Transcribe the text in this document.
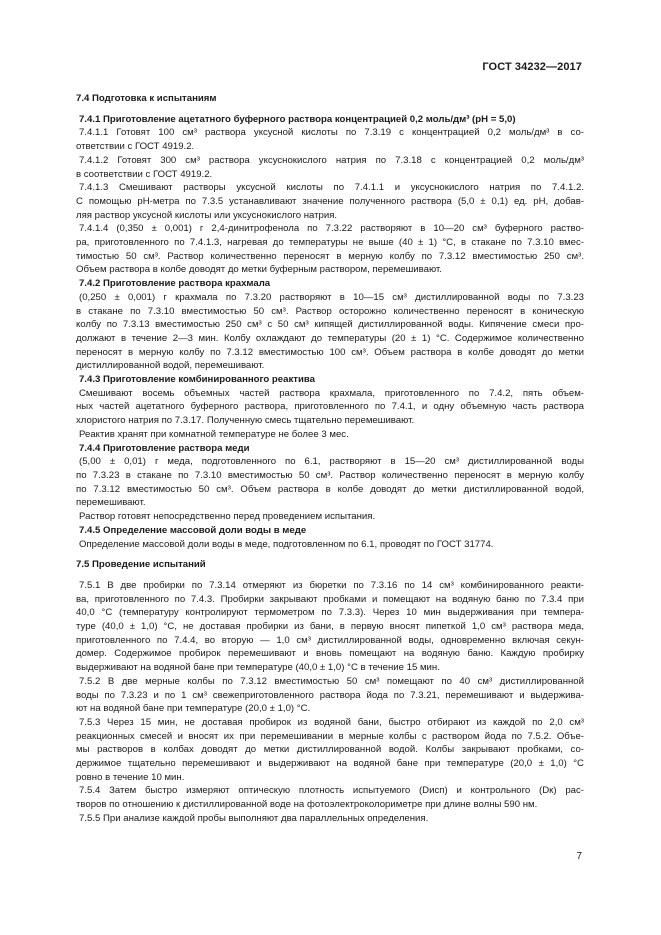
ГОСТ 34232—2017
7.4 Подготовка к испытаниям
7.4.1 Приготовление ацетатного буферного раствора концентрацией 0,2 моль/дм³ (pH = 5,0)
7.4.1.1 Готовят 100 см³ раствора уксусной кислоты по 7.3.19 с концентрацией 0,2 моль/дм³ в со-
ответствии с ГОСТ 4919.2.
7.4.1.2 Готовят 300 см³ раствора уксуснокислого натрия по 7.3.18 с концентрацией 0,2 моль/дм³
в соответствии с ГОСТ 4919.2.
7.4.1.3 Смешивают растворы уксусной кислоты по 7.4.1.1 и уксуснокислого натрия по 7.4.1.2.
С помощью pH-метра по 7.3.5 устанавливают значение полученного раствора (5,0 ± 0,1) ед. pH, добав-
ляя раствор уксусной кислоты или уксуснокислого натрия.
7.4.1.4 (0,350 ± 0,001) г 2,4-динитрофенола по 7.3.22 растворяют в 10—20 см³ буферного раство-
ра, приготовленного по 7.4.1.3, нагревая до температуры не выше (40 ± 1) °С, в стакане по 7.3.10 вмес-
тимостью 50 см³. Раствор количественно переносят в мерную колбу по 7.3.12 вместимостью 250 см³.
Объем раствора в колбе доводят до метки буферным раствором, перемешивают.
7.4.2 Приготовление раствора крахмала
(0,250 ± 0,001) г крахмала по 7.3.20 растворяют в 10—15 см³ дистиллированной воды по 7.3.23
в стакане по 7.3.10 вместимостью 50 см³. Раствор осторожно количественно переносят в коническую
колбу по 7.3.13 вместимостью 250 см³ с 50 см³ кипящей дистиллированной воды. Кипячение смеси про-
должают в течение 2—3 мин. Колбу охлаждают до температуры (20 ± 1) °С. Содержимое количественно
переносят в мерную колбу по 7.3.12 вместимостью 100 см³. Объем раствора в колбе доводят до метки
дистиллированной водой, перемешивают.
7.4.3 Приготовление комбинированного реактива
Смешивают восемь объемных частей раствора крахмала, приготовленного по 7.4.2, пять объем-
ных частей ацетатного буферного раствора, приготовленного по 7.4.1, и одну объемную часть раствора
хлористого натрия по 7.3.17. Полученную смесь тщательно перемешивают.
Реактив хранят при комнатной температуре не более 3 мес.
7.4.4 Приготовление раствора меди
(5,00 ± 0,01) г меда, подготовленного по 6.1, растворяют в 15—20 см³ дистиллированной воды
по 7.3.23 в стакане по 7.3.10 вместимостью 50 см³. Раствор количественно переносят в мерную колбу
по 7.3.12 вместимостью 50 см³. Объем раствора в колбе доводят до метки дистиллированной водой,
перемешивают.
Раствор готовят непосредственно перед проведением испытания.
7.4.5 Определение массовой доли воды в меде
Определение массовой доли воды в меде, подготовленном по 6.1, проводят по ГОСТ 31774.
7.5 Проведение испытаний
7.5.1 В две пробирки по 7.3.14 отмеряют из бюретки по 7.3.16 по 14 см³ комбинированного реакти-
ва, приготовленного по 7.4.3. Пробирки закрывают пробками и помещают на водяную баню по 7.3.4 при
40,0 °С (температуру контролируют термометром по 7.3.3). Через 10 мин выдерживания при темпера-
туре (40,0 ± 1,0) °С, не доставая пробирки из бани, в первую вносят пипеткой 1,0 см³ раствора меда,
приготовленного по 7.4.4, во вторую — 1,0 см³ дистиллированной воды, одновременно включая секун-
домер. Содержимое пробирок перемешивают и вновь помещают на водяную баню. Каждую пробирку
выдерживают на водяной бане при температуре (40,0 ± 1,0) °С в течение 15 мин.
7.5.2 В две мерные колбы по 7.3.12 вместимостью 50 см³ помещают по 40 см³ дистиллированной
воды по 7.3.23 и по 1 см³ свежеприготовленного раствора йода по 7.3.21, перемешивают и выдержива-
ют на водяной бане при температуре (20,0 ± 1,0) °С.
7.5.3 Через 15 мин, не доставая пробирок из водяной бани, быстро отбирают из каждой по 2,0 см³
реакционных смесей и вносят их при перемешивании в мерные колбы с раствором йода по 7.5.2. Объе-
мы растворов в колбах доводят до метки дистиллированной водой. Колбы закрывают пробками, со-
держимое тщательно перемешивают и выдерживают на водяной бане при температуре (20,0 ± 1,0) °С
ровно в течение 10 мин.
7.5.4 Затем быстро измеряют оптическую плотность испытуемого (Dисп) и контрольного (Dк) рас-
творов по отношению к дистиллированной воде на фотоэлектроколориметре при длине волны 590 нм.
7.5.5 При анализе каждой пробы выполняют два параллельных определения.
7
